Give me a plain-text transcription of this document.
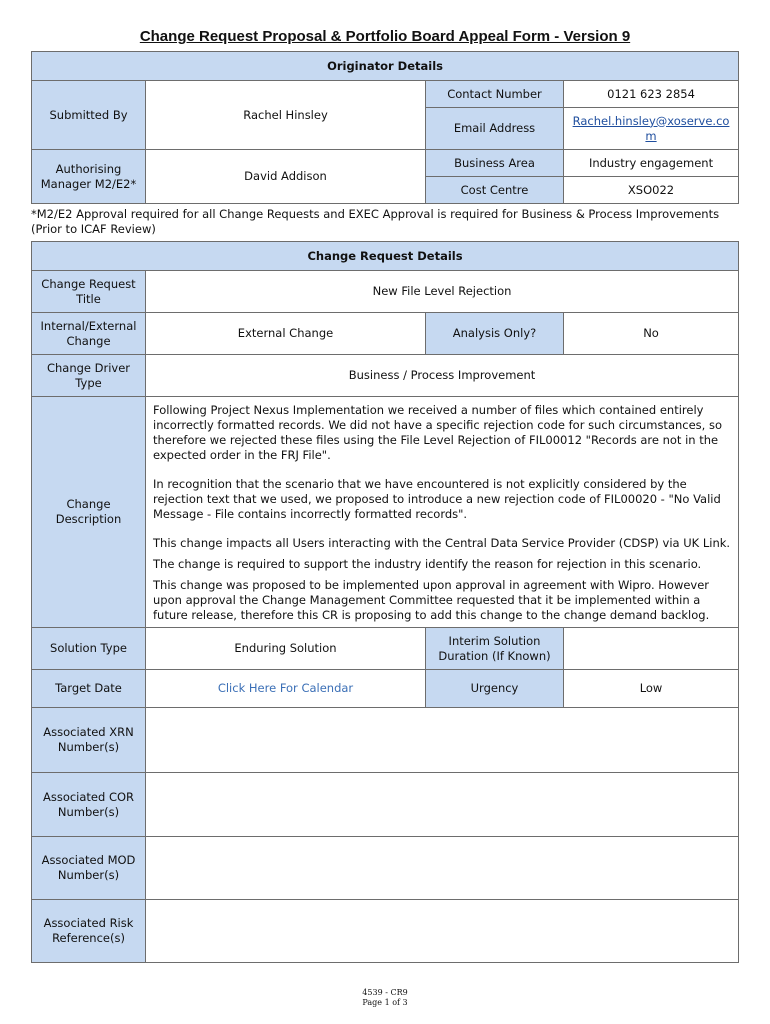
Change Request Proposal & Portfolio Board Appeal Form - Version 9
Originator Details			
Submitted By	Rachel Hinsley	Contact Number	0121 623 2854
		Email Address	Rachel.hinsley@xoserve.com
Authorising Manager M2/E2*	David Addison	Business Area	Industry engagement
		Cost Centre	XSO022
*M2/E2 Approval required for all Change Requests and EXEC Approval is required for Business & Process Improvements (Prior to ICAF Review)
Change Request Details			
Change Request Title	New File Level Rejection		
Internal/External Change	External Change	Analysis Only?	No
Change Driver Type	Business / Process Improvement		
Change Description	Following Project Nexus Implementation we received a number of files which contained entirely incorrectly formatted records. We did not have a specific rejection code for such circumstances, so therefore we rejected these files using the File Level Rejection of FIL00012 "Records are not in the expected order in the FRJ File".

In recognition that the scenario that we have encountered is not explicitly considered by the rejection text that we used, we proposed to introduce a new rejection code of FIL00020 - "No Valid Message - File contains incorrectly formatted records".

This change impacts all Users interacting with the Central Data Service Provider (CDSP) via UK Link.

The change is required to support the industry identify the reason for rejection in this scenario.

This change was proposed to be implemented upon approval in agreement with Wipro. However upon approval the Change Management Committee requested that it be implemented within a future release, therefore this CR is proposing to add this change to the change demand backlog.		

Solution Type	Enduring Solution	Interim Solution Duration (If Known)	
Target Date	Click Here For Calendar	Urgency	Low
Associated XRN Number(s)			
Associated COR Number(s)			
Associated MOD Number(s)			
Associated Risk Reference(s)			
4539 - CR9
Page 1 of 3
